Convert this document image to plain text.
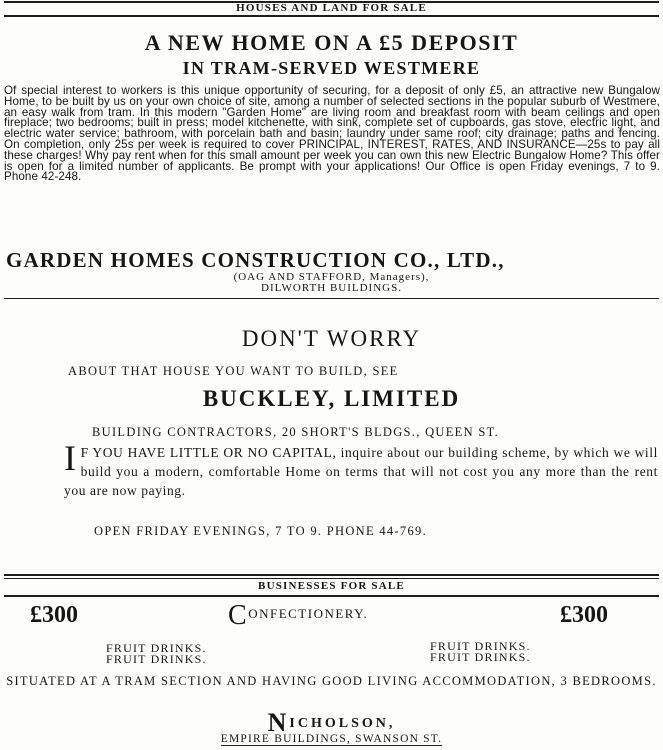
HOUSES AND LAND FOR SALE
A NEW HOME ON A £5 DEPOSIT
IN TRAM-SERVED WESTMERE
Of special interest to workers is this unique opportunity of securing, for a deposit of only £5, an attractive new Bungalow Home, to be built by us on your own choice of site, among a number of selected sections in the popular suburb of Westmere, an easy walk from tram. In this modern "Garden Home" are living room and breakfast room with beam ceilings and open fireplace; two bedrooms; built in press; model kitchenette, with sink, complete set of cupboards, gas stove, electric light, and electric water service; bathroom, with porcelain bath and basin; laundry under same roof; city drainage; paths and fencing. On completion, only 25s per week is required to cover PRINCIPAL, INTEREST, RATES, AND INSURANCE—25s to pay all these charges! Why pay rent when for this small amount per week you can own this new Electric Bungalow Home? This offer is open for a limited number of applicants. Be prompt with your applications! Our Office is open Friday evenings, 7 to 9. Phone 42-248.
GARDEN HOMES CONSTRUCTION CO., LTD.,
(OAG AND STAFFORD, Managers),
DILWORTH BUILDINGS.
DON'T WORRY
ABOUT THAT HOUSE YOU WANT TO BUILD, SEE
BUCKLEY, LIMITED
BUILDING CONTRACTORS, 20 SHORT'S BLDGS., QUEEN ST.
I F YOU HAVE LITTLE OR NO CAPITAL, inquire about our building scheme, by which we will build you a modern, comfortable Home on terms that will not cost you any more than the rent you are now paying.
OPEN FRIDAY EVENINGS, 7 TO 9. PHONE 44-769.
BUSINESSES FOR SALE
£300	£300
CONFECTIONERY.
FRUIT DRINKS.
FRUIT DRINKS.
FRUIT DRINKS.
FRUIT DRINKS.
SITUATED AT A TRAM SECTION AND HAVING GOOD LIVING ACCOMMODATION, 3 BEDROOMS.
NICHOLSON,
EMPIRE BUILDINGS, SWANSON ST.
